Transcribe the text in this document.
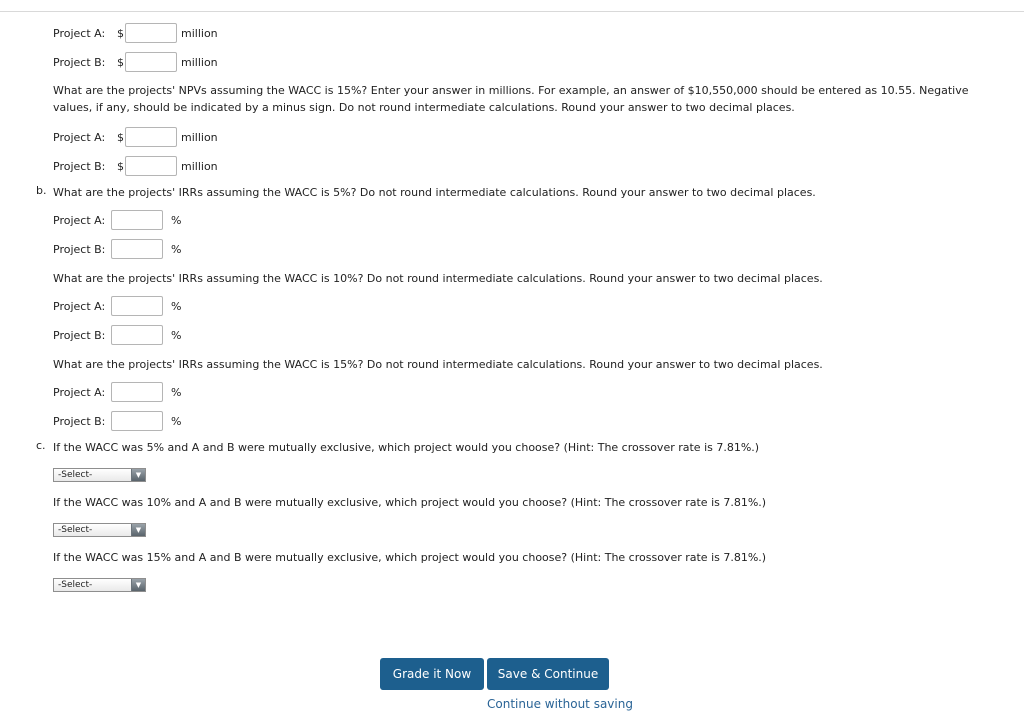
Project A:	$	million
Project B:	$	million
What are the projects' NPVs assuming the WACC is 15%? Enter your answer in millions. For example, an answer of $10,550,000 should be entered as 10.55. Negative values, if any, should be indicated by a minus sign. Do not round intermediate calculations. Round your answer to two decimal places.
Project A:	$	million
Project B:	$	million
b. What are the projects' IRRs assuming the WACC is 5%? Do not round intermediate calculations. Round your answer to two decimal places.
Project A:	%
Project B:	%
What are the projects' IRRs assuming the WACC is 10%? Do not round intermediate calculations. Round your answer to two decimal places.
Project A:	%
Project B:	%
What are the projects' IRRs assuming the WACC is 15%? Do not round intermediate calculations. Round your answer to two decimal places.
Project A:	%
Project B:	%
c. If the WACC was 5% and A and B were mutually exclusive, which project would you choose? (Hint: The crossover rate is 7.81%.)
-Select-	▼
If the WACC was 10% and A and B were mutually exclusive, which project would you choose? (Hint: The crossover rate is 7.81%.)
-Select-	▼
If the WACC was 15% and A and B were mutually exclusive, which project would you choose? (Hint: The crossover rate is 7.81%.)
-Select-	▼
Grade it Now	Save & Continue
Continue without saving
